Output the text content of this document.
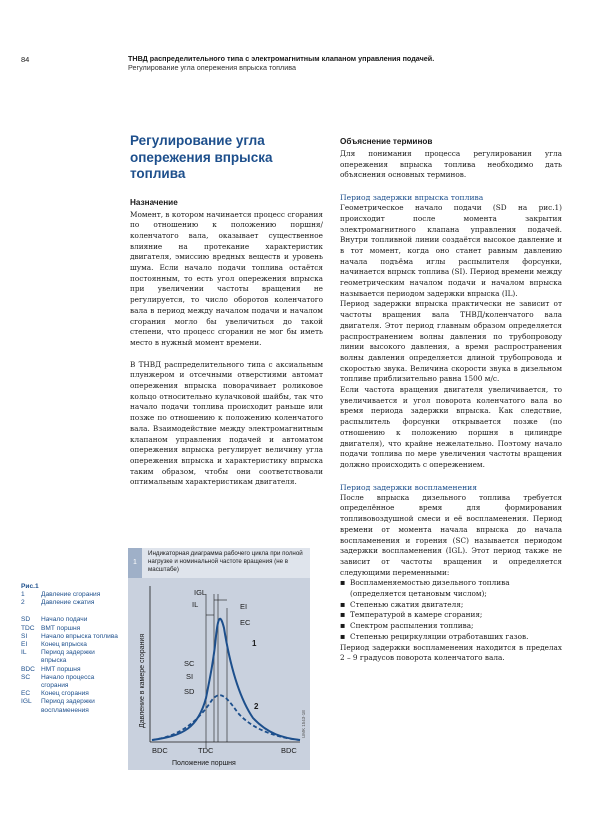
84	ТНВД распределительного типа с электромагнитным клапаном управления подачей.
Регулирование угла опережения впрыска топлива
Регулирование угла опережения впрыска топлива
Назначение

Момент, в котором начинается процесс сгорания по отношению к положению поршня/коленчатого вала, оказывает существенное влияние на протекание характеристик двигателя, эмиссию вредных веществ и уровень шума. Если начало подачи топлива остаётся постоянным, то есть угол опережения впрыска при увеличении частоты вращения не регулируется, то число оборотов коленчатого вала в период между началом подачи и началом сгорания могло бы увеличиться до такой степени, что процесс сгорания не мог бы иметь место в нужный момент времени.

В ТНВД распределительного типа с аксиальным плунжером и отсечными отверстиями автомат опережения впрыска поворачивает роликовое кольцо относительно кулачковой шайбы, так что начало подачи топлива происходит раньше или позже по отношению к положению коленчатого вала. Взаимодействие между электромагнитным клапаном управления подачей и автоматом опережения впрыска регулирует величину угла опережения впрыска и характеристику впрыска таким образом, чтобы они соответствовали оптимальным характеристикам двигателя.

Объяснение терминов

Для понимания процесса регулирования угла опережения впрыска топлива необходимо дать объяснения основных терминов.

Период задержки впрыска топлива

Геометрическое начало подачи (SD на рис.1) происходит после момента закрытия электромагнитного клапана управления подачей. Внутри топливной линии создаётся высокое давление и в тот момент, когда оно станет равным давлению начала подъёма иглы распылителя форсунки, начинается впрыск топлива (SI). Период времени между геометрическим началом подачи и началом впрыска называется периодом задержки впрыска (IL).

Период задержки впрыска практически не зависит от частоты вращения вала ТНВД/коленчатого вала двигателя. Этот период главным образом определяется распространением волны давления по трубопроводу линии высокого давления, а время распространения волны давления определяется длиной трубопровода и скоростью звука. Величина скорости звука в дизельном топливе приблизительно равна 1500 м/с.

Если частота вращения двигателя увеличивается, то увеличивается и угол поворота коленчатого вала во время периода задержки впрыска. Как следствие, распылитель форсунки открывается позже (по отношению к положению поршня в цилиндре двигателя), что крайне нежелательно. Поэтому начало подачи топлива по мере увеличения частоты вращения должно происходить с опережением.

Период задержки воспламенения

После впрыска дизельного топлива требуется определённое время для формирования топливовоздушной смеси и её воспламенения. Период времени от момента начала впрыска до начала воспламенения и горения (SC) называется периодом задержки воспламенения (IGL). Этот период также не зависит от частоты вращения и определяется следующими переменными:

▪ Воспламеняемостью дизельного топлива (определяется цетановым числом);
▪ Степенью сжатия двигателя;
▪ Температурой в камере сгорания;
▪ Спектром распыления топлива;
▪ Степенью рециркуляции отработавших газов.

Период задержки воспламенения находится в пределах 2 – 9 градусов поворота коленчатого вала.

1
Индикаторная диаграмма рабочего цикла при полной нагрузке и номинальной частоте вращения (не в масштабе)
Давление в камере сгорания
IGL
IL	EI
EC
SC
SI
SD
1
2
BDC	TDC	BDC
Положение поршня
UMK 1543-1E
Рис.1
1	Давление сгорания
2	Давление сжатия
SD	Начало подачи
TDC ВМТ поршня
SI	Начало впрыска топлива
EI	Конец впрыска
IL	Период задержки впрыска
BDC НМТ поршня
SC	Начало процесса сгорания
EC	Конец сгорания
IGL	Период задержки воспламенения
